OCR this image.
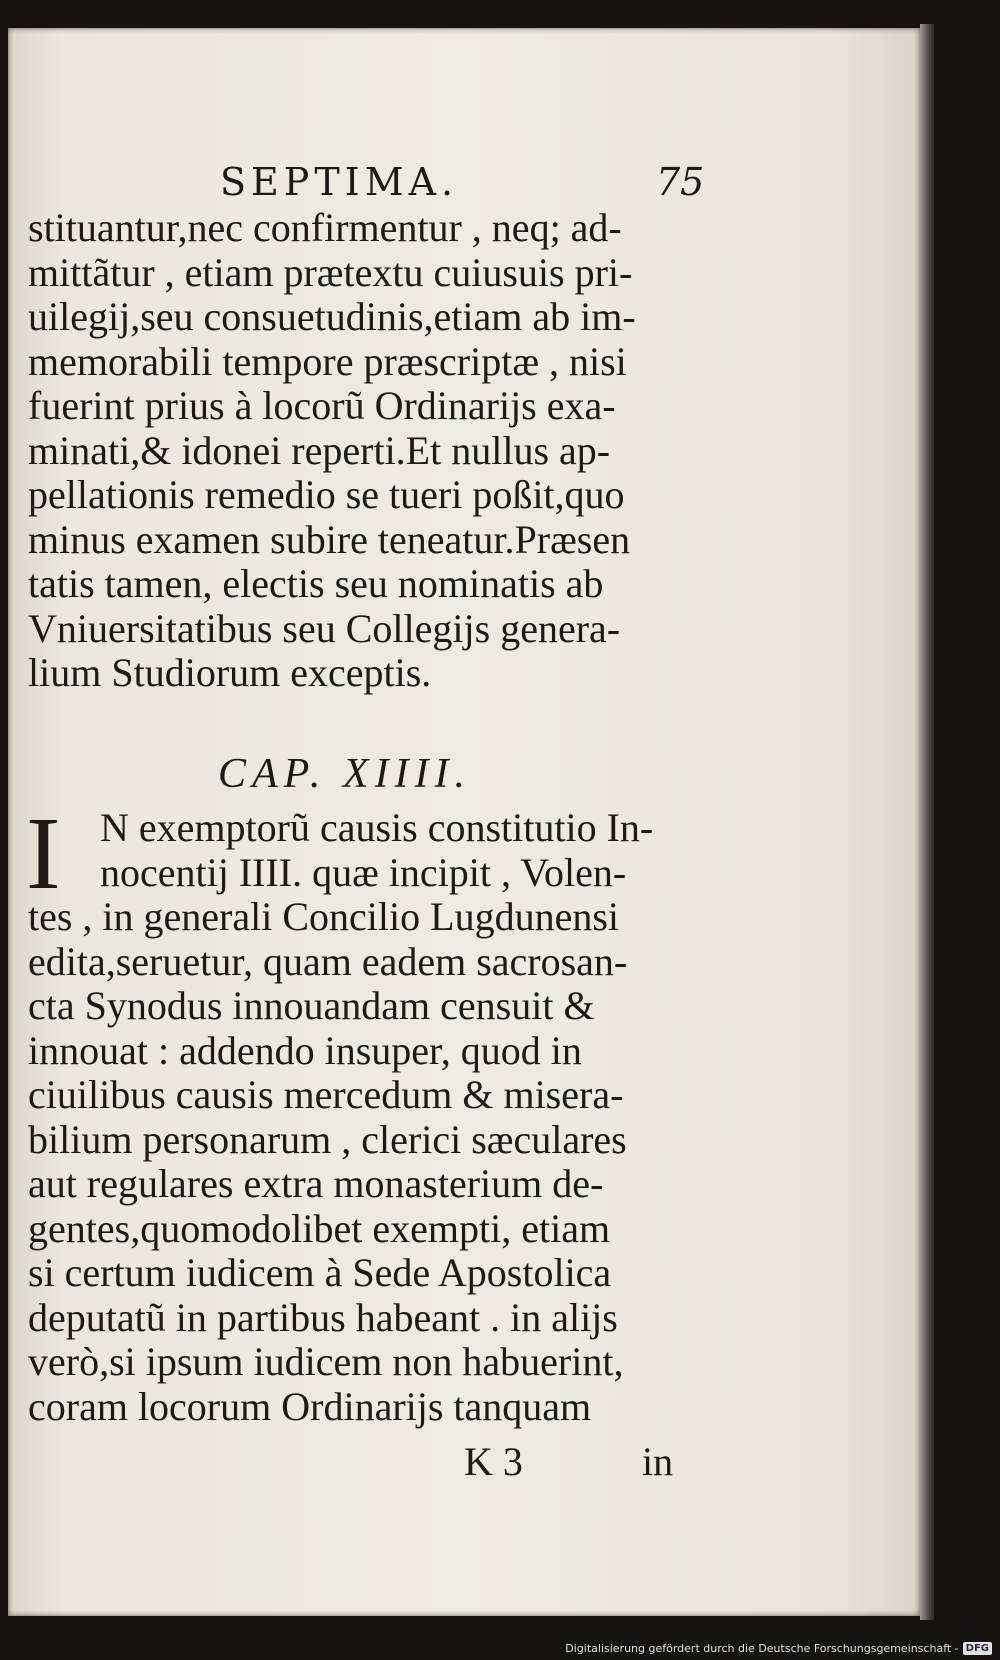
SEPTIMA.	75
stituantur,nec confirmentur , neq; ad-
mittãtur , etiam prætextu cuiusuis pri-
uilegij,seu consuetudinis,etiam ab im-
memorabili tempore præscriptæ , nisi
fuerint prius à locorũ Ordinarijs exa-
minati,& idonei reperti.Et nullus ap-
pellationis remedio se tueri poßit,quo
minus examen subire teneatur.Præsen
tatis tamen, electis seu nominatis ab
Vniuersitatibus seu Collegijs genera-
lium Studiorum exceptis.
CAP. XIIII.
I N exemptorũ causis constitutio In-
nocentij IIII. quæ incipit , Volen-
tes , in generali Concilio Lugdunensi
edita,seruetur, quam eadem sacrosan-
cta Synodus innouandam censuit &
innouat : addendo insuper, quod in
ciuilibus causis mercedum & misera-
bilium personarum , clerici sæculares
aut regulares extra monasterium de-
gentes,quomodolibet exempti, etiam
si certum iudicem à Sede Apostolica
deputatũ in partibus habeant . in alijs
verò,si ipsum iudicem non habuerint,
coram locorum Ordinarijs tanquam
K 3	in
Digitalisierung gefördert durch die Deutsche Forschungsgemeinschaft - DFG
